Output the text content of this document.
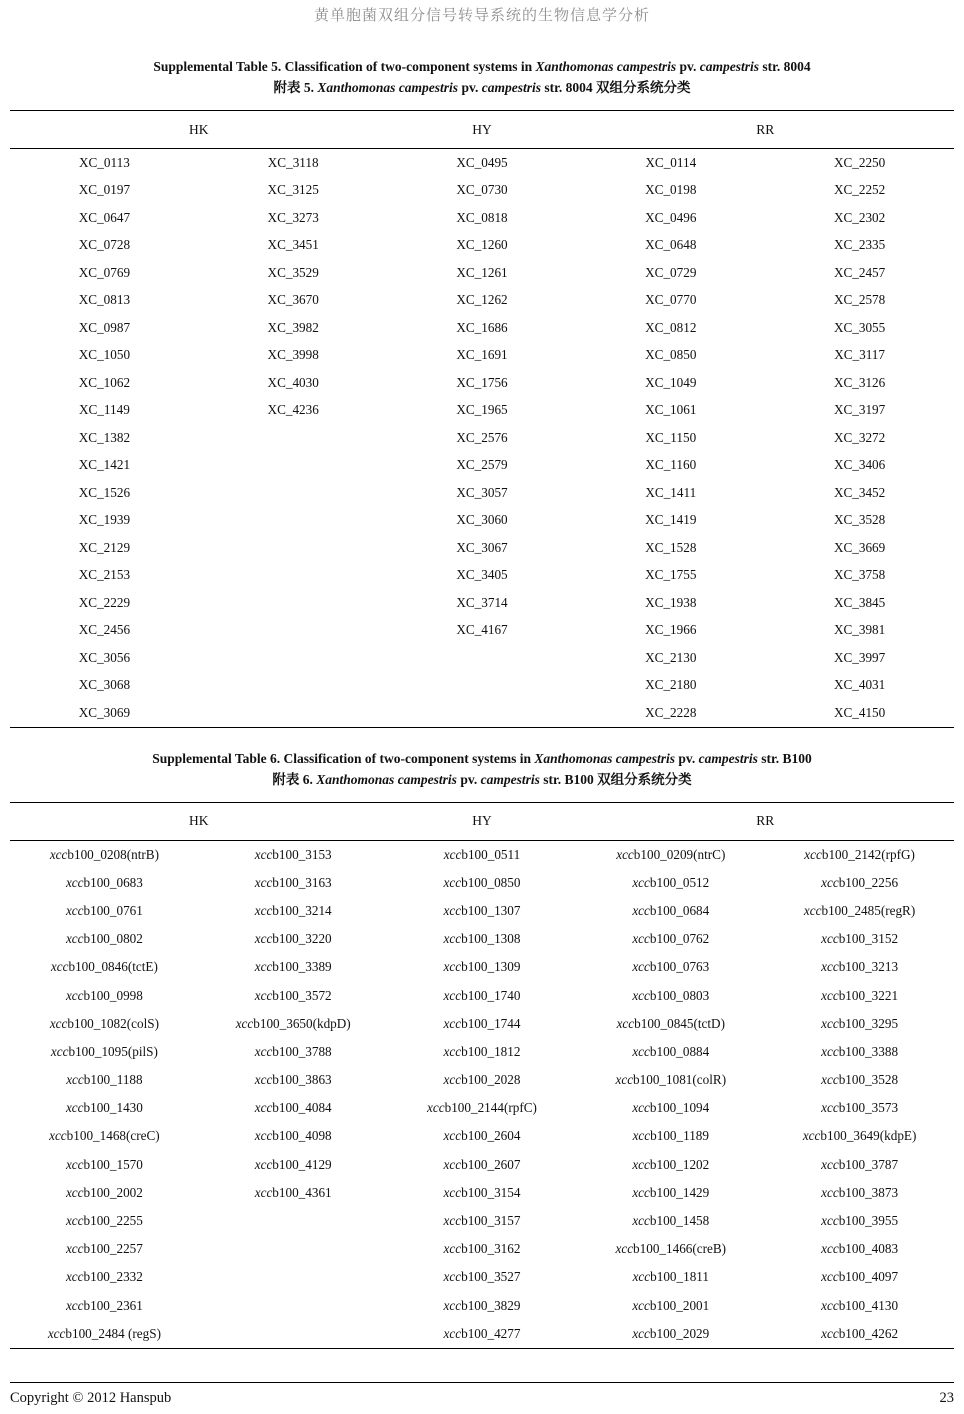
黄单胞菌双组分信号转导系统的生物信息学分析
Supplemental Table 5. Classification of two-component systems in Xanthomonas campestris pv. campestris str. 8004
附表 5. Xanthomonas campestris pv. campestris str. 8004 双组分系统分类
HK		HY	RR	
XC_0113	XC_3118	XC_0495	XC_0114	XC_2250
XC_0197	XC_3125	XC_0730	XC_0198	XC_2252
XC_0647	XC_3273	XC_0818	XC_0496	XC_2302
XC_0728	XC_3451	XC_1260	XC_0648	XC_2335
XC_0769	XC_3529	XC_1261	XC_0729	XC_2457
XC_0813	XC_3670	XC_1262	XC_0770	XC_2578
XC_0987	XC_3982	XC_1686	XC_0812	XC_3055
XC_1050	XC_3998	XC_1691	XC_0850	XC_3117
XC_1062	XC_4030	XC_1756	XC_1049	XC_3126
XC_1149	XC_4236	XC_1965	XC_1061	XC_3197
XC_1382		XC_2576	XC_1150	XC_3272
XC_1421		XC_2579	XC_1160	XC_3406
XC_1526		XC_3057	XC_1411	XC_3452
XC_1939		XC_3060	XC_1419	XC_3528
XC_2129		XC_3067	XC_1528	XC_3669
XC_2153		XC_3405	XC_1755	XC_3758
XC_2229		XC_3714	XC_1938	XC_3845
XC_2456		XC_4167	XC_1966	XC_3981
XC_3056			XC_2130	XC_3997
XC_3068			XC_2180	XC_4031
XC_3069			XC_2228	XC_4150
Supplemental Table 6. Classification of two-component systems in Xanthomonas campestris pv. campestris str. B100
附表 6. Xanthomonas campestris pv. campestris str. B100 双组分系统分类
HK		HY	RR	
xccb100_0208(ntrB)	xccb100_3153	xccb100_0511	xccb100_0209(ntrC)	xccb100_2142(rpfG)
xccb100_0683	xccb100_3163	xccb100_0850	xccb100_0512	xccb100_2256
xccb100_0761	xccb100_3214	xccb100_1307	xccb100_0684	xccb100_2485(regR)
xccb100_0802	xccb100_3220	xccb100_1308	xccb100_0762	xccb100_3152
xccb100_0846(tctE)	xccb100_3389	xccb100_1309	xccb100_0763	xccb100_3213
xccb100_0998	xccb100_3572	xccb100_1740	xccb100_0803	xccb100_3221
xccb100_1082(colS)	xccb100_3650(kdpD)	xccb100_1744	xccb100_0845(tctD)	xccb100_3295
xccb100_1095(pilS)	xccb100_3788	xccb100_1812	xccb100_0884	xccb100_3388
xccb100_1188	xccb100_3863	xccb100_2028	xccb100_1081(colR)	xccb100_3528
xccb100_1430	xccb100_4084	xccb100_2144(rpfC)	xccb100_1094	xccb100_3573
xccb100_1468(creC)	xccb100_4098	xccb100_2604	xccb100_1189	xccb100_3649(kdpE)
xccb100_1570	xccb100_4129	xccb100_2607	xccb100_1202	xccb100_3787
xccb100_2002	xccb100_4361	xccb100_3154	xccb100_1429	xccb100_3873
xccb100_2255		xccb100_3157	xccb100_1458	xccb100_3955
xccb100_2257		xccb100_3162	xccb100_1466(creB)	xccb100_4083
xccb100_2332		xccb100_3527	xccb100_1811	xccb100_4097
xccb100_2361		xccb100_3829	xccb100_2001	xccb100_4130
xccb100_2484 (regS)		xccb100_4277	xccb100_2029	xccb100_4262
Copyright © 2012 Hanspub	23
